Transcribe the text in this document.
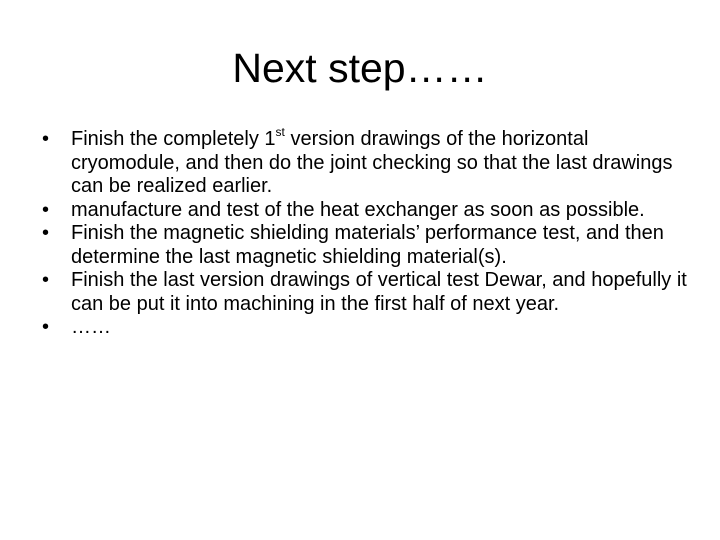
Next step……
• Finish the completely 1st version drawings of the horizontal cryomodule, and then do the joint checking so that the last drawings can be realized earlier.
• manufacture and test of the heat exchanger as soon as possible.
• Finish the magnetic shielding materials’ performance test, and then determine the last magnetic shielding material(s).
• Finish the last version drawings of vertical test Dewar, and hopefully it can be put it into machining in the first half of next year.
• ……
